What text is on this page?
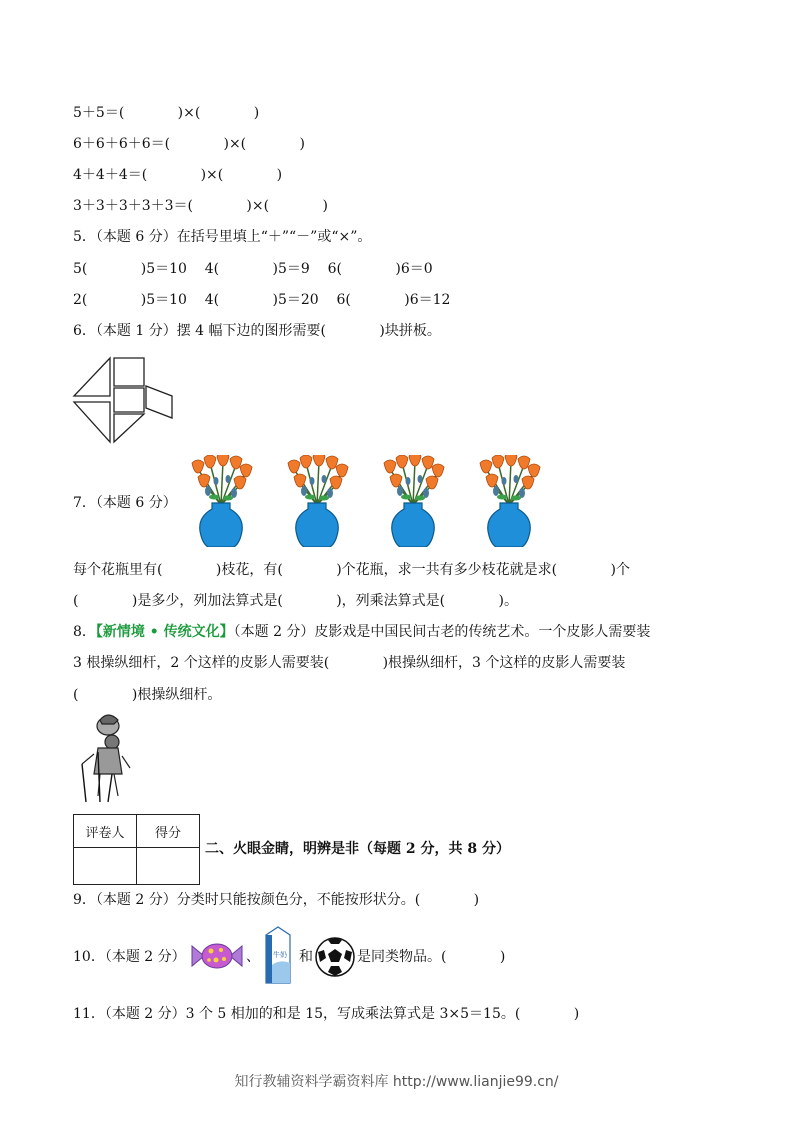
5＋5＝(            )×(            )
6＋6＋6＋6＝(            )×(            )
4＋4＋4＝(            )×(            )
3＋3＋3＋3＋3＝(            )×(            )
5．（本题 6 分）在括号里填上“＋”“－”或“×”。
5(            )5＝10    4(            )5＝9    6(            )6＝0
2(            )5＝10    4(            )5＝20    6(            )6＝12
6．（本题 1 分）摆 4 幅下边的图形需要(            )块拼板。
7．（本题 6 分）
每个花瓶里有(            )枝花，有(            )个花瓶，求一共有多少枝花就是求(            )个
(            )是多少，列加法算式是(            )，列乘法算式是(            )。
8．【新情境 • 传统文化】（本题 2 分）皮影戏是中国民间古老的传统艺术。一个皮影人需要装
3 根操纵细杆，2 个这样的皮影人需要装(            )根操纵细杆，3 个这样的皮影人需要装
(            )根操纵细杆。
评卷人	得分

二、火眼金睛，明辨是非（每题 2 分，共 8 分）
9．（本题 2 分）分类时只能按颜色分，不能按形状分。(            )
10．（本题 2 分）	、 牛奶 和	是同类物品。(            )
11．（本题 2 分）3 个 5 相加的和是 15，写成乘法算式是 3×5＝15。(            )
知行教辅资料学霸资料库 http://www.lianjie99.cn/
